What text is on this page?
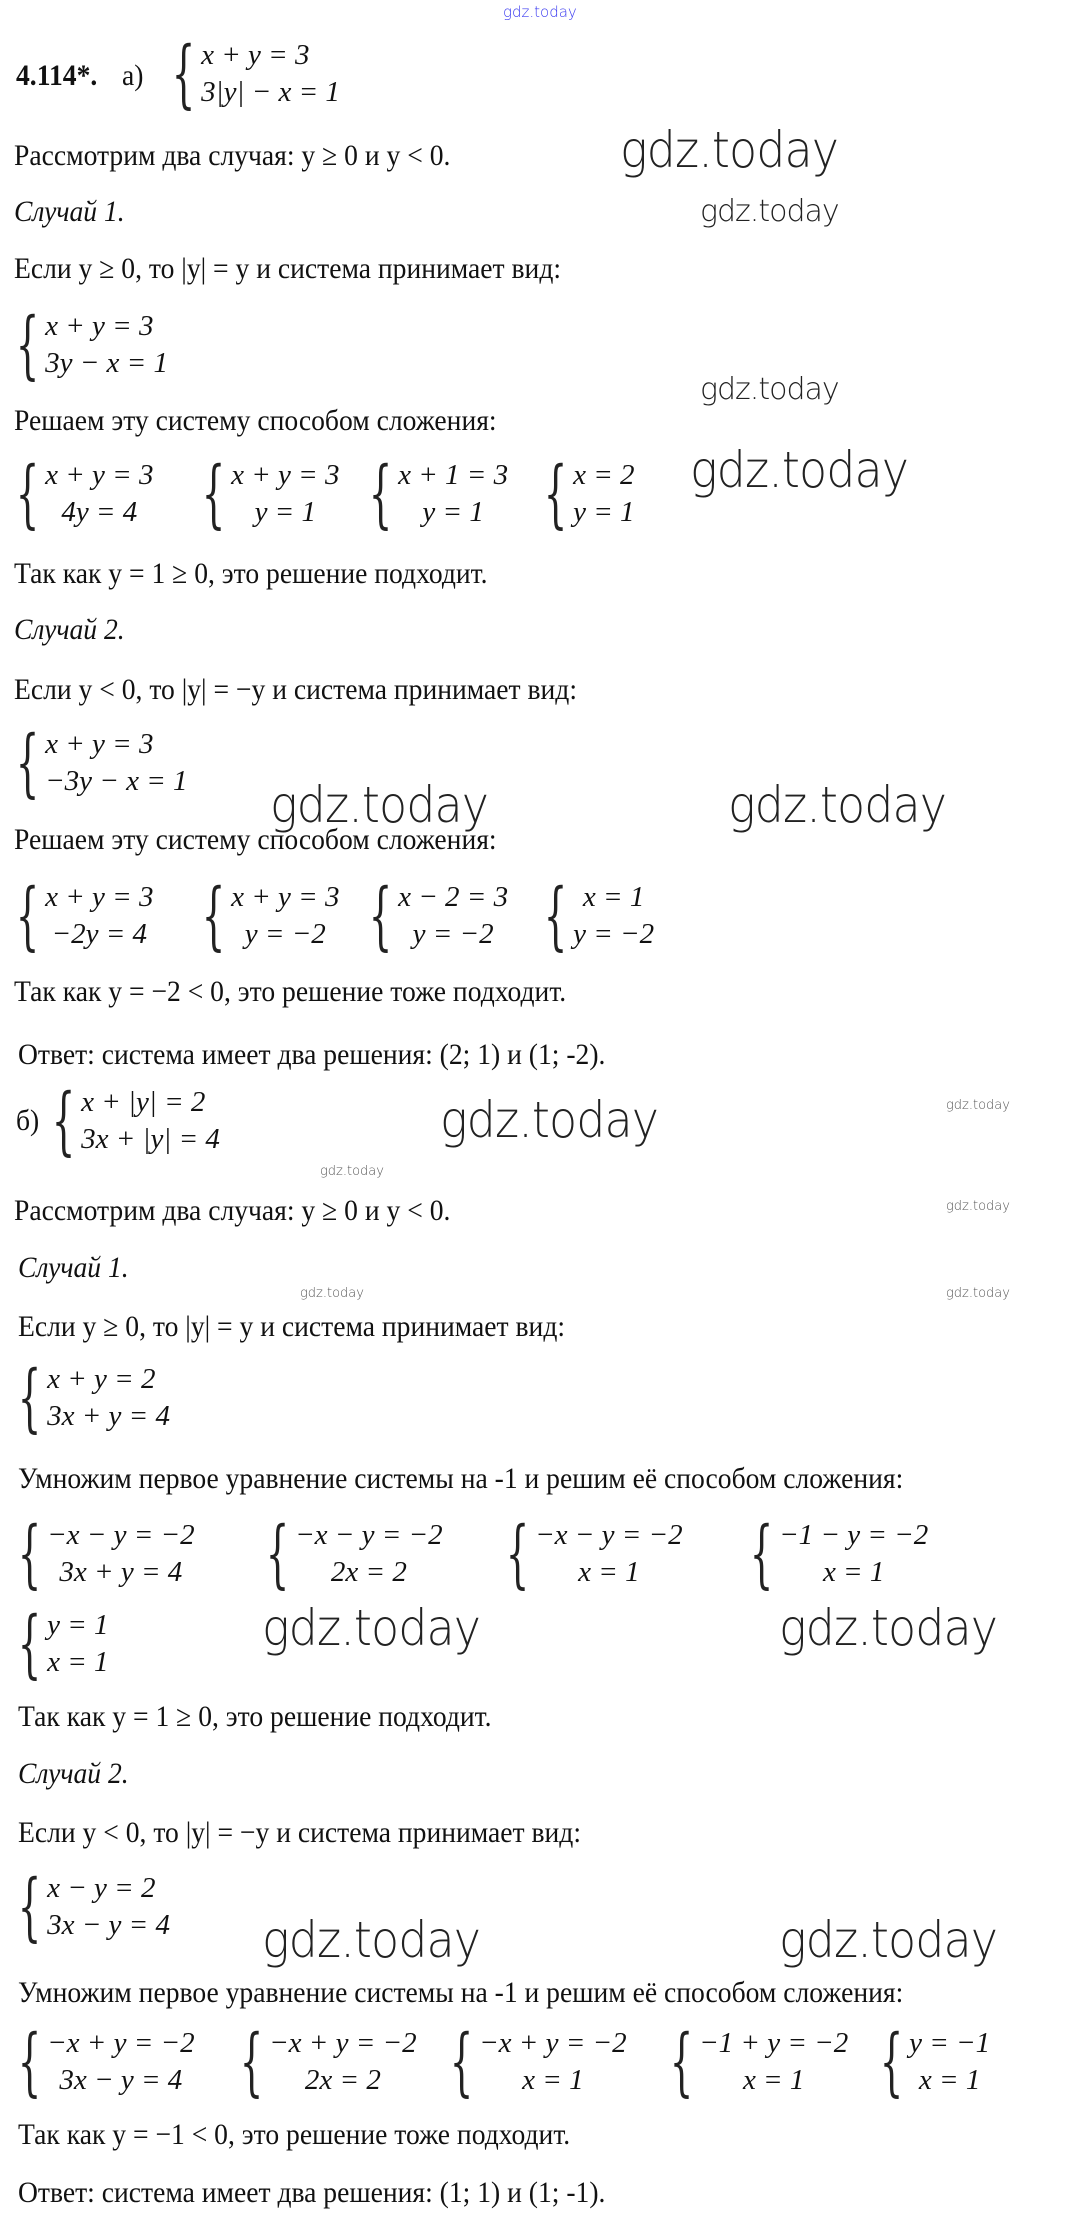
4.114*. а)
Рассмотрим два случая: y ≥ 0 и y < 0.
Случай 1.
Если y ≥ 0, то |y| = y и система принимает вид:
Решаем эту систему способом сложения:
Так как y = 1 ≥ 0, это решение подходит.
Случай 2.
Если y < 0, то |y| = −y и система принимает вид:
Решаем эту систему способом сложения:
Так как y = −2 < 0, это решение тоже подходит.
Ответ: система имеет два решения: (2; 1) и (1; -2).
б)
Рассмотрим два случая: y ≥ 0 и y < 0.
Случай 1.
Если y ≥ 0, то |y| = y и система принимает вид:
Умножим первое уравнение системы на -1 и решим её способом сложения:
Так как y = 1 ≥ 0, это решение подходит.
Случай 2.
Если y < 0, то |y| = −y и система принимает вид:
Умножим первое уравнение системы на -1 и решим её способом сложения:
Так как y = −1 < 0, это решение тоже подходит.
Ответ: система имеет два решения: (1; 1) и (1; -1).
{ x + y = 3
3|y| − x = 1
{ x + y = 3
3y − x = 1
{ x + y = 3
4y = 4 { x + y = 3
y = 1 { x + 1 = 3
y = 1 { x = 2
y = 1
{ x + y = 3
−3y − x = 1
{ x + y = 3
−2y = 4 { x + y = 3
y = −2 { x − 2 = 3
y = −2 { x = 1
y = −2
{ x + |y| = 2
3x + |y| = 4
{ x + y = 2
3x + y = 4
{ −x − y = −2
3x + y = 4 { −x − y = −2
2x = 2 { −x − y = −2
x = 1 { −1 − y = −2
x = 1
{ y = 1
x = 1
{ x − y = 2
3x − y = 4
{ −x + y = −2
3x − y = 4 { −x + y = −2
2x = 2 { −x + y = −2
x = 1 { −1 + y = −2
x = 1 { y = −1
x = 1
gdz.today
gdz.today
gdz.today
gdz.today
gdz.today
gdz.today	gdz.today
gdz.today	gdz.today
gdz.today
gdz.today
gdz.today	gdz.today
gdz.today	gdz.today
gdz.today	gdz.today
